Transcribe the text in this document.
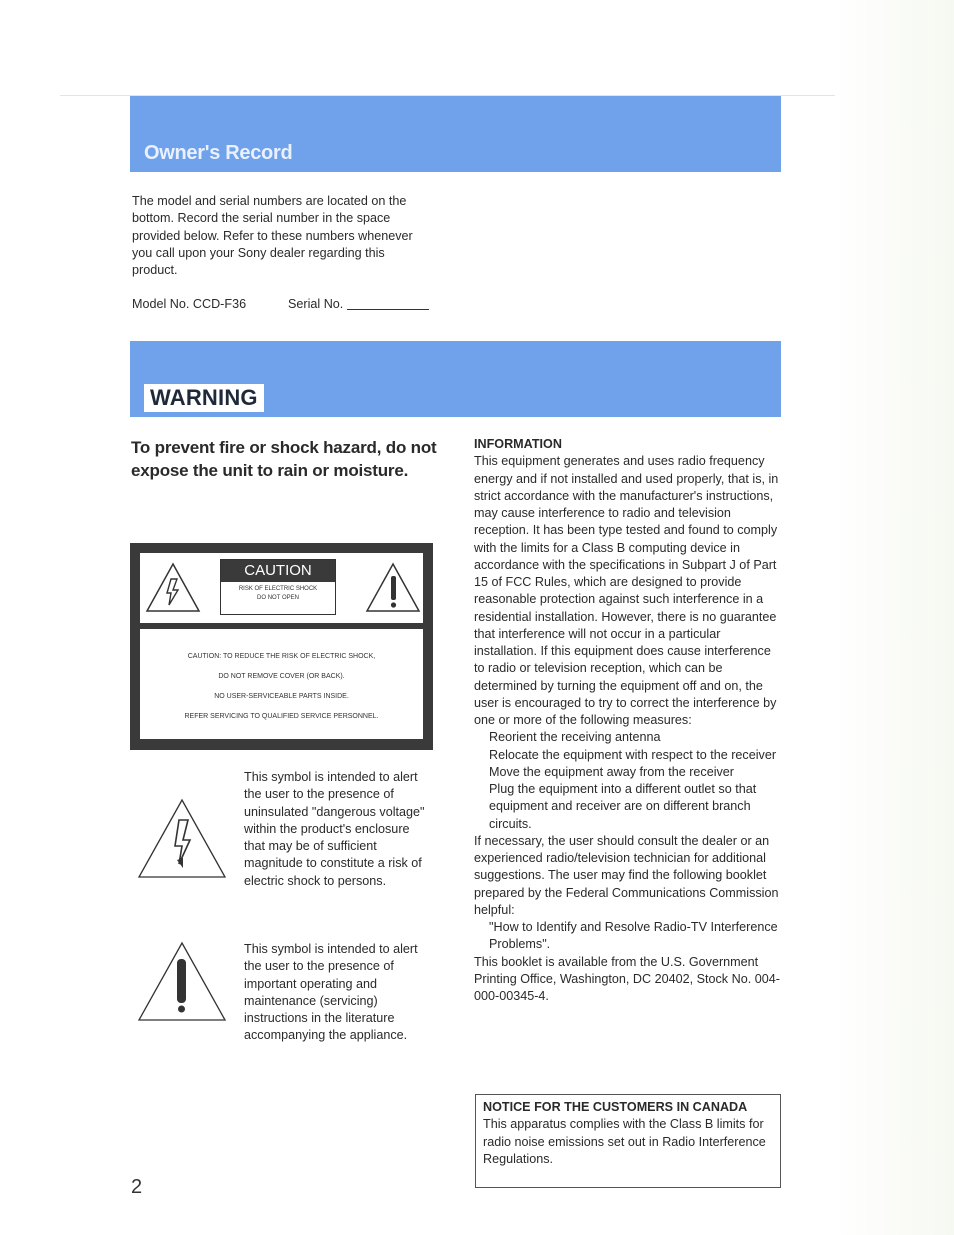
Owner's Record
The model and serial numbers are located on the bottom. Record the serial number in the space provided below. Refer to these numbers whenever you call upon your Sony dealer regarding this product.
Model No. CCD-F36	Serial No.
WARNING
To prevent fire or shock hazard, do not expose the unit to rain or moisture.
CAUTION
RISK OF ELECTRIC SHOCK
DO NOT OPEN
CAUTION: TO REDUCE THE RISK OF ELECTRIC SHOCK,
DO NOT REMOVE COVER (OR BACK).
NO USER-SERVICEABLE PARTS INSIDE.
REFER SERVICING TO QUALIFIED SERVICE PERSONNEL.
This symbol is intended to alert the user to the presence of uninsulated "dangerous voltage" within the product's enclosure that may be of sufficient magnitude to constitute a risk of electric shock to persons.
This symbol is intended to alert the user to the presence of important operating and maintenance (servicing) instructions in the literature accompanying the appliance.
INFORMATION
This equipment generates and uses radio frequency energy and if not installed and used properly, that is, in strict accordance with the manufacturer's instructions, may cause interference to radio and television reception. It has been type tested and found to comply with the limits for a Class B computing device in accordance with the specifications in Subpart J of Part 15 of FCC Rules, which are designed to provide reasonable protection against such interference in a residential installation. However, there is no guarantee that interference will not occur in a particular installation. If this equipment does cause interference to radio or television reception, which can be determined by turning the equipment off and on, the user is encouraged to try to correct the interference by one or more of the following measures:
Reorient the receiving antenna
Relocate the equipment with respect to the receiver
Move the equipment away from the receiver
Plug the equipment into a different outlet so that equipment and receiver are on different branch circuits.
If necessary, the user should consult the dealer or an experienced radio/television technician for additional suggestions. The user may find the following booklet prepared by the Federal Communications Commission helpful:
"How to Identify and Resolve Radio-TV Interference Problems".
This booklet is available from the U.S. Government Printing Office, Washington, DC 20402, Stock No. 004-000-00345-4.
NOTICE FOR THE CUSTOMERS IN CANADA
This apparatus complies with the Class B limits for radio noise emissions set out in Radio Interference Regulations.
2
